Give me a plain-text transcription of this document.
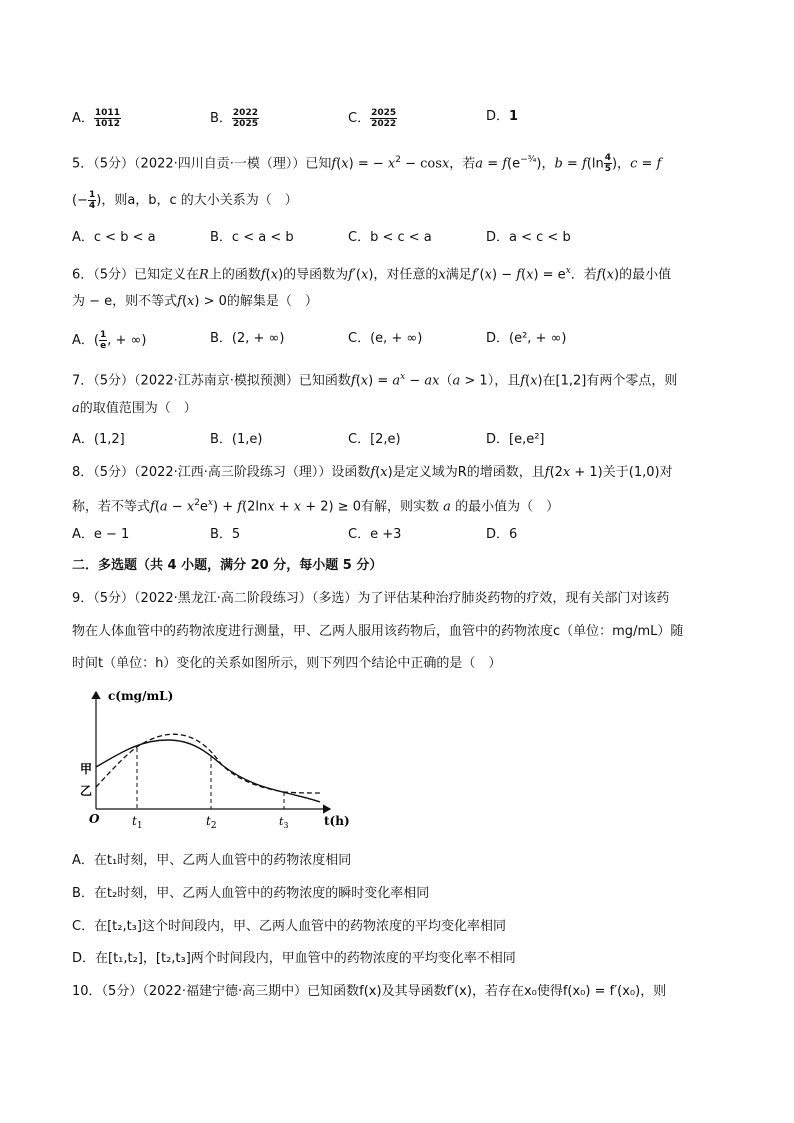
A． $\frac{1011}{1012}$	B． $\frac{2022}{2025}$	C． $\frac{2025}{2022}$	D．1
5．（5分）（2022·四川自贡·一模（理））已知f(x) = − $x^2 - \cos x$，若$a = f(e^{-\frac{3}{4}})$，$b = f(\ln \frac{4}{5}$ )，c = f
(− $\frac{1}{4}$ )，则a，b，c 的大小关系为（　）
A．c < b < a	B．c < a < b	C．b < c < a	D．a < c < b
6．（5分）已知定义在R上的函数f(x)的导函数为f′(x)，对任意的x满足$f'(x) - f(x) = e^x$．若f(x)的最小值
为 − e，则不等式f(x) > 0的解集是（　）
A．( $\frac{1}{e}$ , + ∞)	B．(2, + ∞)	C．(e, + ∞)	D．(e², + ∞)
7．（5分）（2022·江苏南京·模拟预测）已知函数$f(x) = a^x - ax(a > 1)$，且f(x)在[1,2]有两个零点，则
a的取值范围为（　）
A．(1,2]	B．(1,e)	C．[2,e)	D．[e,e²]
8．（5分）（2022·江西·高三阶段练习（理））设函数f(x)是定义域为R的增函数，且f(2x + 1)关于(1,0)对
称，若不等式$f(a - x^2e^x) + f(2\ln x + x + 2) \ge 0$有解，则实数 a 的最小值为（　）
A．e − 1	B．5	C．e +3	D．6
二．多选题（共 4 小题，满分 20 分，每小题 5 分）
9．（5分）（2022·黑龙江·高二阶段练习）（多选）为了评估某种治疗肺炎药物的疗效，现有关部门对该药
物在人体血管中的药物浓度进行测量，甲、乙两人服用该药物后，血管中的药物浓度c（单位：mg/mL）随
时间t（单位：h）变化的关系如图所示，则下列四个结论中正确的是（　）
c(mg/mL)
t(h)
O
甲
乙
$t_1$	$t_2$	$t_3$
A．在t₁时刻，甲、乙两人血管中的药物浓度相同
B．在t₂时刻，甲、乙两人血管中的药物浓度的瞬时变化率相同
C．在[t₂,t₃]这个时间段内，甲、乙两人血管中的药物浓度的平均变化率相同
D．在[t₁,t₂]，[t₂,t₃]两个时间段内，甲血管中的药物浓度的平均变化率不相同
10．（5分）（2022·福建宁德·高三期中）已知函数f(x)及其导函数f′(x)，若存在x₀使得f(x₀) = f′(x₀)，则
